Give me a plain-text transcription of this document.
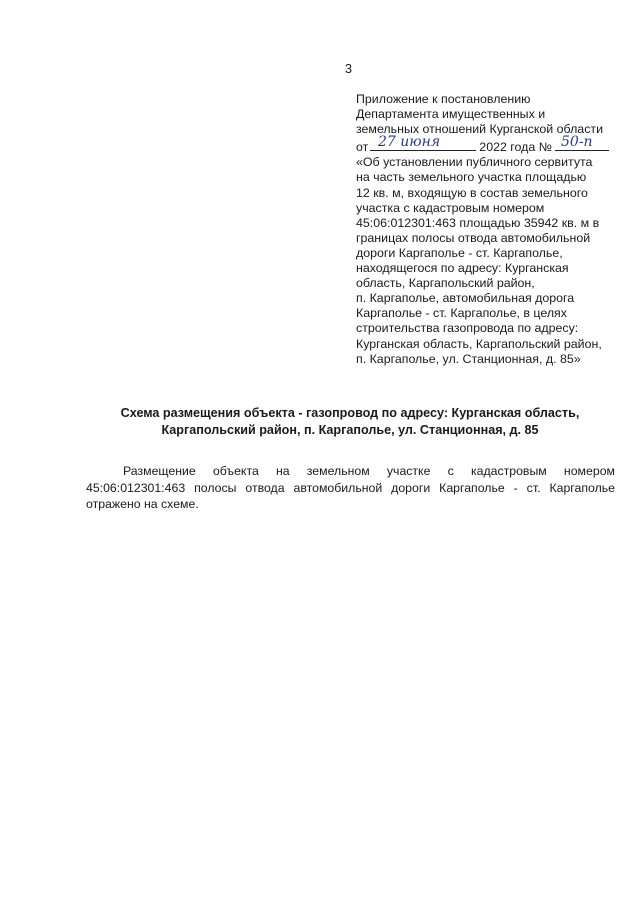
3
Приложение к постановлению
Департамента имущественных и
земельных отношений Курганской области
от 27 июня	2022 года № 50-п
«Об установлении публичного сервитута
на часть земельного участка площадью
12 кв. м, входящую в состав земельного
участка с кадастровым номером
45:06:012301:463 площадью 35942 кв. м в
границах полосы отвода автомобильной
дороги Каргаполье - ст. Каргаполье,
находящегося по адресу: Курганская
область, Каргапольский район,
п. Каргаполье, автомобильная дорога
Каргаполье - ст. Каргаполье, в целях
строительства газопровода по адресу:
Курганская область, Каргапольский район,
п. Каргаполье, ул. Станционная, д. 85»
Схема размещения объекта - газопровод по адресу: Курганская область,
Каргапольский район, п. Каргаполье, ул. Станционная, д. 85
Размещение объекта на земельном участке с кадастровым номером
45:06:012301:463 полосы отвода автомобильной дороги Каргаполье - ст. Каргаполье
отражено на схеме.
